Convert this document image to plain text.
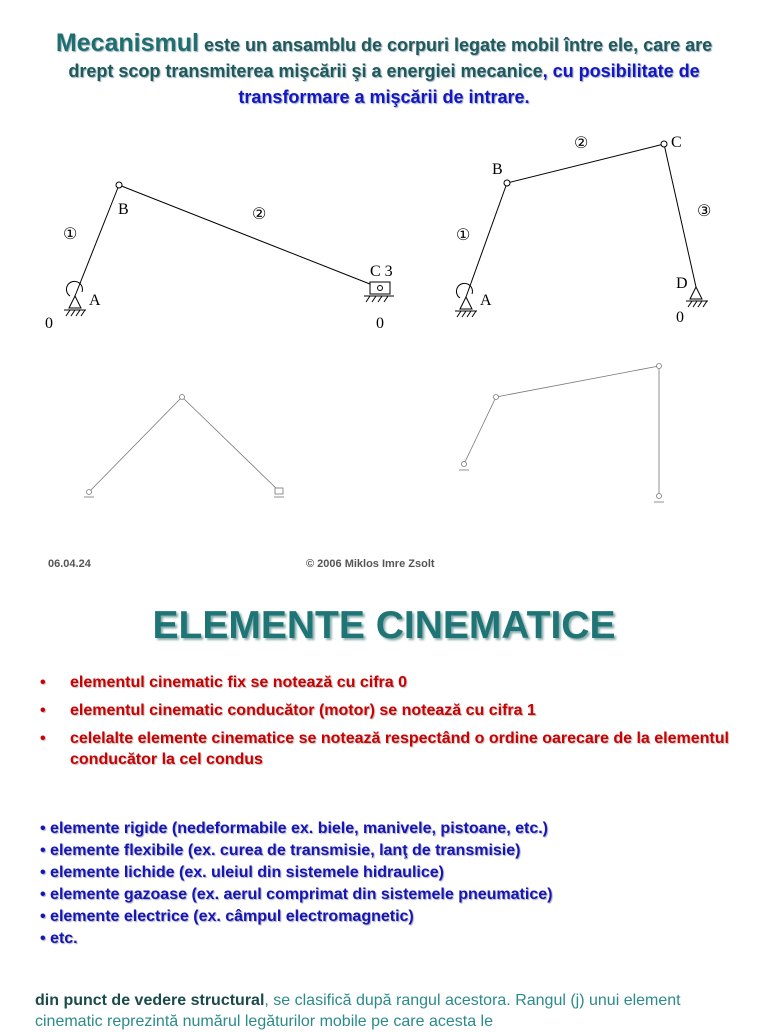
Mecanismul este un ansamblu de corpuri legate mobil între ele, care are drept scop transmiterea mişcării şi a energiei mecanice, cu posibilitate de transformare a mişcării de intrare.
①
B	②
C 3
A
0	0
①
B
②	C
③
A
D
0
06.04.24	© 2006 Miklos Imre Zsolt
ELEMENTE CINEMATICE
• elementul cinematic fix se notează cu cifra 0
• elementul cinematic conducător (motor) se notează cu cifra 1
• celelalte elemente cinematice se notează respectând o ordine oarecare de la elementul conducător la cel condus
• elemente rigide (nedeformabile ex. biele, manivele, pistoane, etc.)
• elemente flexibile (ex. curea de transmisie, lanţ de transmisie)
• elemente lichide (ex. uleiul din sistemele hidraulice)
• elemente gazoase (ex. aerul comprimat din sistemele pneumatice)
• elemente electrice (ex. câmpul electromagnetic)
• etc.
din punct de vedere structural, se clasifică după rangul acestora. Rangul (j) unui element cinematic reprezintă numărul legăturilor mobile pe care acesta le
